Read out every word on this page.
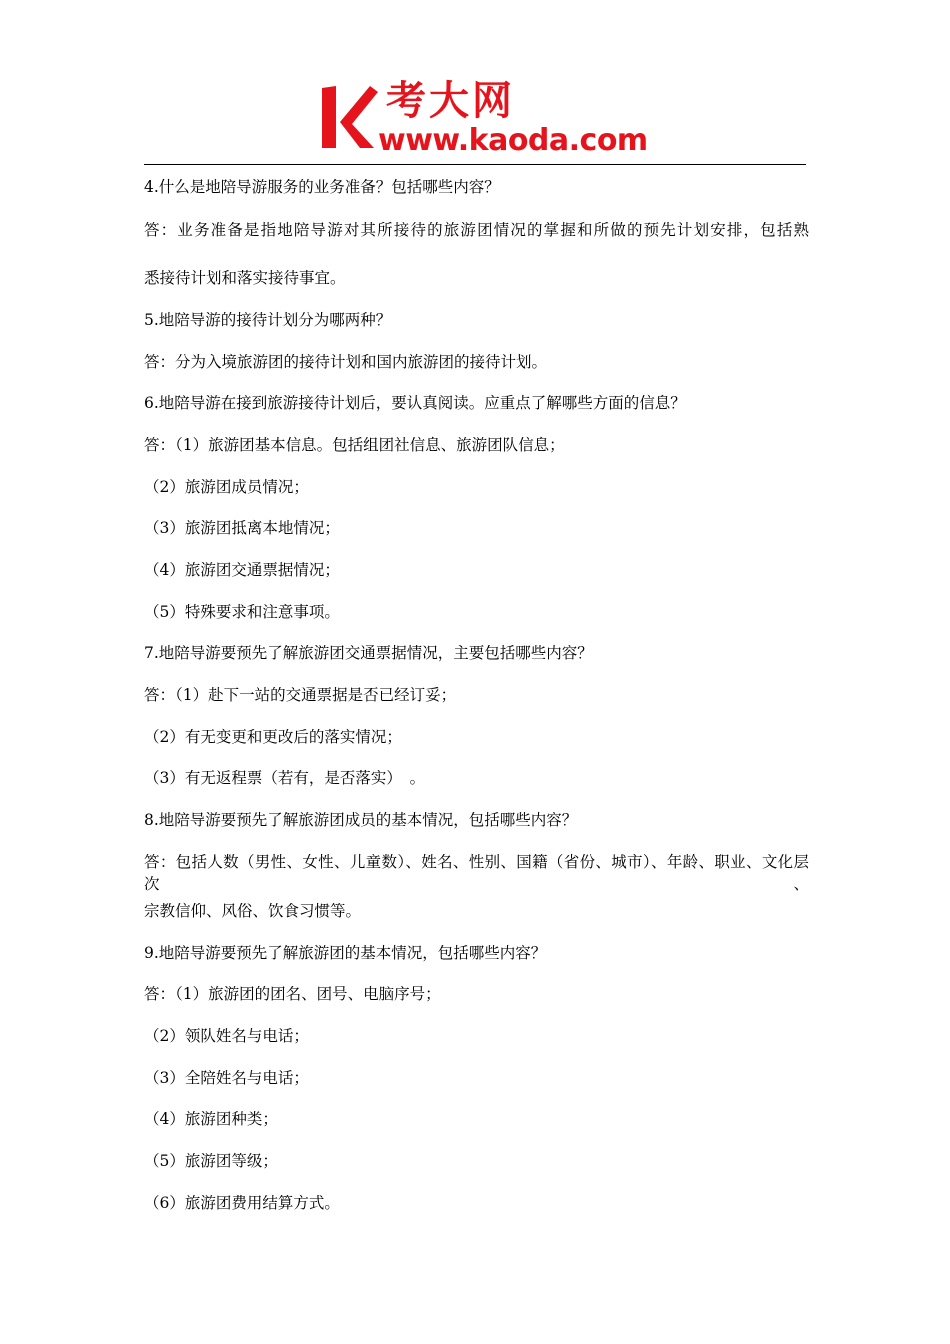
考大网
www.kaoda.com
4.什么是地陪导游服务的业务准备？包括哪些内容？
答：业务准备是指地陪导游对其所接待的旅游团情况的掌握和所做的预先计划安排，包括熟
悉接待计划和落实接待事宜。
5.地陪导游的接待计划分为哪两种？
答：分为入境旅游团的接待计划和国内旅游团的接待计划。
6.地陪导游在接到旅游接待计划后，要认真阅读。应重点了解哪些方面的信息？
答：（1）旅游团基本信息。包括组团社信息、旅游团队信息；
（2）旅游团成员情况；
（3）旅游团抵离本地情况；
（4）旅游团交通票据情况；
（5）特殊要求和注意事项。
7.地陪导游要预先了解旅游团交通票据情况，主要包括哪些内容？
答：（1）赴下一站的交通票据是否已经订妥；
（2）有无变更和更改后的落实情况；
（3）有无返程票（若有，是否落实）　。
8.地陪导游要预先了解旅游团成员的基本情况，包括哪些内容？
答：包括人数（男性、女性、儿童数）、姓名、性别、国籍（省份、城市）、年龄、职业、文化层次、
宗教信仰、风俗、饮食习惯等。
9.地陪导游要预先了解旅游团的基本情况，包括哪些内容？
答：（1）旅游团的团名、团号、电脑序号；
（2）领队姓名与电话；
（3）全陪姓名与电话；
（4）旅游团种类；
（5）旅游团等级；
（6）旅游团费用结算方式。
